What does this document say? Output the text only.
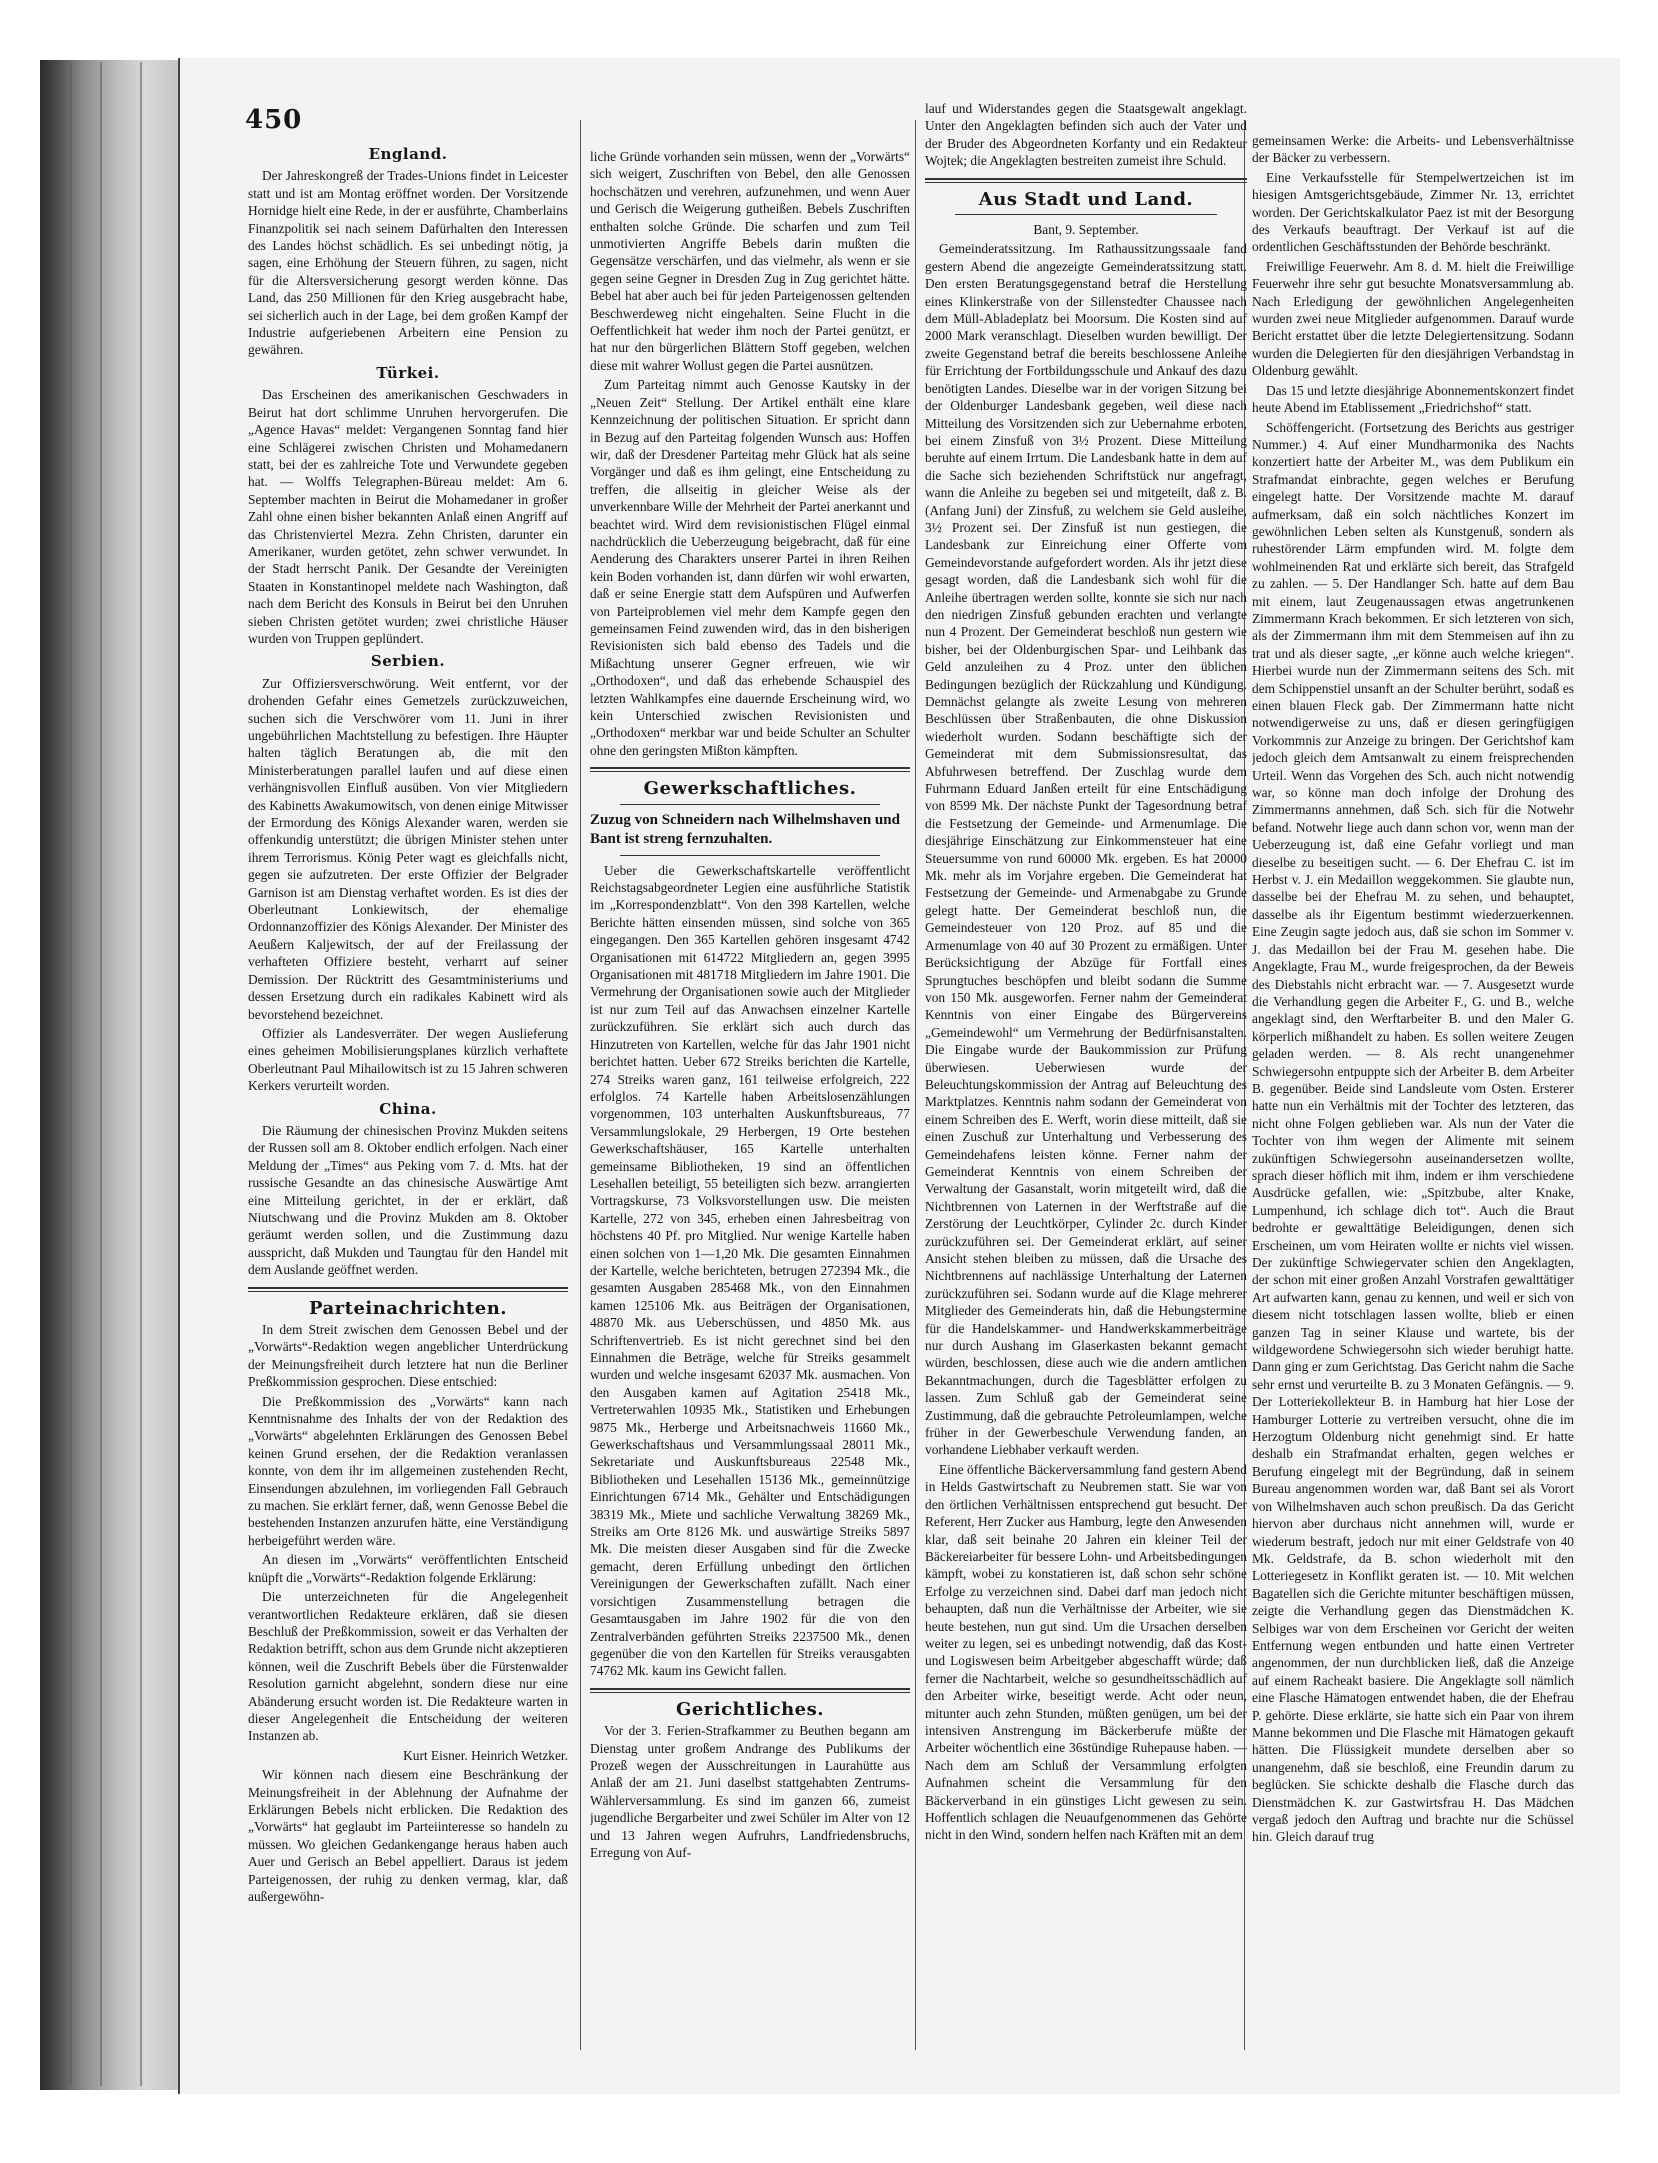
450
England.

Der Jahreskongreß der Trades-Unions findet in Leicester statt und ist am Montag eröffnet worden. Der Vorsitzende Hornidge hielt eine Rede, in der er ausführte, Chamberlains Finanzpolitik sei nach seinem Dafürhalten den Interessen des Landes höchst schädlich. Es sei unbedingt nötig, ja sagen, eine Erhöhung der Steuern führen, zu sagen, nicht für die Altersversicherung gesorgt werden könne. Das Land, das 250 Millionen für den Krieg ausgebracht habe, sei sicherlich auch in der Lage, bei dem großen Kampf der Industrie aufgeriebenen Arbeitern eine Pension zu gewähren.

Türkei.

Das Erscheinen des amerikanischen Geschwaders in Beirut hat dort schlimme Unruhen hervorgerufen. Die „Agence Havas“ meldet: Vergangenen Sonntag fand hier eine Schlägerei zwischen Christen und Mohamedanern statt, bei der es zahlreiche Tote und Verwundete gegeben hat. — Wolffs Telegraphen-Büreau meldet: Am 6. September machten in Beirut die Mohamedaner in großer Zahl ohne einen bisher bekannten Anlaß einen Angriff auf das Christenviertel Mezra. Zehn Christen, darunter ein Amerikaner, wurden getötet, zehn schwer verwundet. In der Stadt herrscht Panik. Der Gesandte der Vereinigten Staaten in Konstantinopel meldete nach Washington, daß nach dem Bericht des Konsuls in Beirut bei den Unruhen sieben Christen getötet wurden; zwei christliche Häuser wurden von Truppen geplündert.

Serbien.

Zur Offiziersverschwörung. Weit entfernt, vor der drohenden Gefahr eines Gemetzels zurückzuweichen, suchen sich die Verschwörer vom 11. Juni in ihrer ungebührlichen Machtstellung zu befestigen. Ihre Häupter halten täglich Beratungen ab, die mit den Ministerberatungen parallel laufen und auf diese einen verhängnisvollen Einfluß ausüben. Von vier Mitgliedern des Kabinetts Awakumowitsch, von denen einige Mitwisser der Ermordung des Königs Alexander waren, werden sie offenkundig unterstützt; die übrigen Minister stehen unter ihrem Terrorismus. König Peter wagt es gleichfalls nicht, gegen sie aufzutreten. Der erste Offizier der Belgrader Garnison ist am Dienstag verhaftet worden. Es ist dies der Oberleutnant Lonkiewitsch, der ehemalige Ordonnanzoffizier des Königs Alexander. Der Minister des Aeußern Kaljewitsch, der auf der Freilassung der verhafteten Offiziere besteht, verharrt auf seiner Demission. Der Rücktritt des Gesamtministeriums und dessen Ersetzung durch ein radikales Kabinett wird als bevorstehend bezeichnet.

Offizier als Landesverräter. Der wegen Auslieferung eines geheimen Mobilisierungsplanes kürzlich verhaftete Oberleutnant Paul Mihailowitsch ist zu 15 Jahren schweren Kerkers verurteilt worden.

China.

Die Räumung der chinesischen Provinz Mukden seitens der Russen soll am 8. Oktober endlich erfolgen. Nach einer Meldung der „Times“ aus Peking vom 7. d. Mts. hat der russische Gesandte an das chinesische Auswärtige Amt eine Mitteilung gerichtet, in der er erklärt, daß Niutschwang und die Provinz Mukden am 8. Oktober geräumt werden sollen, und die Zustimmung dazu ausspricht, daß Mukden und Taungtau für den Handel mit dem Auslande geöffnet werden.

Parteinachrichten.

In dem Streit zwischen dem Genossen Bebel und der „Vorwärts“-Redaktion wegen angeblicher Unterdrückung der Meinungsfreiheit durch letztere hat nun die Berliner Preßkommission gesprochen. Diese entschied:

Die Preßkommission des „Vorwärts“ kann nach Kenntnisnahme des Inhalts der von der Redaktion des „Vorwärts“ abgelehnten Erklärungen des Genossen Bebel keinen Grund ersehen, der die Redaktion veranlassen konnte, von dem ihr im allgemeinen zustehenden Recht, Einsendungen abzulehnen, im vorliegenden Fall Gebrauch zu machen. Sie erklärt ferner, daß, wenn Genosse Bebel die bestehenden Instanzen anzurufen hätte, eine Verständigung herbeigeführt werden wäre.

An diesen im „Vorwärts“ veröffentlichten Entscheid knüpft die „Vorwärts“-Redaktion folgende Erklärung:

Die unterzeichneten für die Angelegenheit verantwortlichen Redakteure erklären, daß sie diesen Beschluß der Preßkommission, soweit er das Verhalten der Redaktion betrifft, schon aus dem Grunde nicht akzeptieren können, weil die Zuschrift Bebels über die Fürstenwalder Resolution garnicht abgelehnt, sondern diese nur eine Abänderung ersucht worden ist. Die Redakteure warten in dieser Angelegenheit die Entscheidung der weiteren Instanzen ab.

Kurt Eisner. Heinrich Wetzker.

Wir können nach diesem eine Beschränkung der Meinungsfreiheit in der Ablehnung der Aufnahme der Erklärungen Bebels nicht erblicken. Die Redaktion des „Vorwärts“ hat geglaubt im Parteiinteresse so handeln zu müssen. Wo gleichen Gedankengange heraus haben auch Auer und Gerisch an Bebel appelliert. Daraus ist jedem Parteigenossen, der ruhig zu denken vermag, klar, daß außergewöhn-

liche Gründe vorhanden sein müssen, wenn der „Vorwärts“ sich weigert, Zuschriften von Bebel, den alle Genossen hochschätzen und verehren, aufzunehmen, und wenn Auer und Gerisch die Weigerung gutheißen. Bebels Zuschriften enthalten solche Gründe. Die scharfen und zum Teil unmotivierten Angriffe Bebels darin mußten die Gegensätze verschärfen, und das vielmehr, als wenn er sie gegen seine Gegner in Dresden Zug in Zug gerichtet hätte. Bebel hat aber auch bei für jeden Parteigenossen geltenden Beschwerdeweg nicht eingehalten. Seine Flucht in die Oeffentlichkeit hat weder ihm noch der Partei genützt, er hat nur den bürgerlichen Blättern Stoff gegeben, welchen diese mit wahrer Wollust gegen die Partei ausnützen.

Zum Parteitag nimmt auch Genosse Kautsky in der „Neuen Zeit“ Stellung. Der Artikel enthält eine klare Kennzeichnung der politischen Situation. Er spricht dann in Bezug auf den Parteitag folgenden Wunsch aus: Hoffen wir, daß der Dresdener Parteitag mehr Glück hat als seine Vorgänger und daß es ihm gelingt, eine Entscheidung zu treffen, die allseitig in gleicher Weise als der unverkennbare Wille der Mehrheit der Partei anerkannt und beachtet wird. Wird dem revisionistischen Flügel einmal nachdrücklich die Ueberzeugung beigebracht, daß für eine Aenderung des Charakters unserer Partei in ihren Reihen kein Boden vorhanden ist, dann dürfen wir wohl erwarten, daß er seine Energie statt dem Aufspüren und Aufwerfen von Parteiproblemen viel mehr dem Kampfe gegen den gemeinsamen Feind zuwenden wird, das in den bisherigen Revisionisten sich bald ebenso des Tadels und die Mißachtung unserer Gegner erfreuen, wie wir „Orthodoxen“, und daß das erhebende Schauspiel des letzten Wahlkampfes eine dauernde Erscheinung wird, wo kein Unterschied zwischen Revisionisten und „Orthodoxen“ merkbar war und beide Schulter an Schulter ohne den geringsten Mißton kämpften.

Gewerkschaftliches.
Zuzug von Schneidern nach Wilhelmshaven und Bant ist streng fernzuhalten.

Ueber die Gewerkschaftskartelle veröffentlicht Reichstagsabgeordneter Legien eine ausführliche Statistik im „Korrespondenzblatt“. Von den 398 Kartellen, welche Berichte hätten einsenden müssen, sind solche von 365 eingegangen. Den 365 Kartellen gehören insgesamt 4742 Organisationen mit 614722 Mitgliedern an, gegen 3995 Organisationen mit 481718 Mitgliedern im Jahre 1901. Die Vermehrung der Organisationen sowie auch der Mitglieder ist nur zum Teil auf das Anwachsen einzelner Kartelle zurückzuführen. Sie erklärt sich auch durch das Hinzutreten von Kartellen, welche für das Jahr 1901 nicht berichtet hatten. Ueber 672 Streiks berichten die Kartelle, 274 Streiks waren ganz, 161 teilweise erfolgreich, 222 erfolglos. 74 Kartelle haben Arbeitslosenzählungen vorgenommen, 103 unterhalten Auskunftsbureaus, 77 Versammlungslokale, 29 Herbergen, 19 Orte bestehen Gewerkschaftshäuser, 165 Kartelle unterhalten gemeinsame Bibliotheken, 19 sind an öffentlichen Lesehallen beteiligt, 55 beteiligten sich bezw. arrangierten Vortragskurse, 73 Volksvorstellungen usw. Die meisten Kartelle, 272 von 345, erheben einen Jahresbeitrag von höchstens 40 Pf. pro Mitglied. Nur wenige Kartelle haben einen solchen von 1—1,20 Mk. Die gesamten Einnahmen der Kartelle, welche berichteten, betrugen 272394 Mk., die gesamten Ausgaben 285468 Mk., von den Einnahmen kamen 125106 Mk. aus Beiträgen der Organisationen, 48870 Mk. aus Ueberschüssen, und 4850 Mk. aus Schriftenvertrieb. Es ist nicht gerechnet sind bei den Einnahmen die Beträge, welche für Streiks gesammelt wurden und welche insgesamt 62037 Mk. ausmachen. Von den Ausgaben kamen auf Agitation 25418 Mk., Vertreterwahlen 10935 Mk., Statistiken und Erhebungen 9875 Mk., Herberge und Arbeitsnachweis 11660 Mk., Gewerkschaftshaus und Versammlungssaal 28011 Mk., Sekretariate und Auskunftsbureaus 22548 Mk., Bibliotheken und Lesehallen 15136 Mk., gemeinnützige Einrichtungen 6714 Mk., Gehälter und Entschädigungen 38319 Mk., Miete und sachliche Verwaltung 38269 Mk., Streiks am Orte 8126 Mk. und auswärtige Streiks 5897 Mk. Die meisten dieser Ausgaben sind für die Zwecke gemacht, deren Erfüllung unbedingt den örtlichen Vereinigungen der Gewerkschaften zufällt. Nach einer vorsichtigen Zusammenstellung betragen die Gesamtausgaben im Jahre 1902 für die von den Zentralverbänden geführten Streiks 2237500 Mk., denen gegenüber die von den Kartellen für Streiks verausgabten 74762 Mk. kaum ins Gewicht fallen.

Gerichtliches.

Vor der 3. Ferien-Strafkammer zu Beuthen begann am Dienstag unter großem Andrange des Publikums der Prozeß wegen der Ausschreitungen in Laurahütte aus Anlaß der am 21. Juni daselbst stattgehabten Zentrums-Wählerversammlung. Es sind im ganzen 66, zumeist jugendliche Bergarbeiter und zwei Schüler im Alter von 12 und 13 Jahren wegen Aufruhrs, Landfriedensbruchs, Erregung von Auf-

lauf und Widerstandes gegen die Staatsgewalt angeklagt. Unter den Angeklagten befinden sich auch der Vater und der Bruder des Abgeordneten Korfanty und ein Redakteur Wojtek; die Angeklagten bestreiten zumeist ihre Schuld.

Aus Stadt und Land.

Bant, 9. September.

Gemeinderatssitzung. Im Rathaussitzungssaale fand gestern Abend die angezeigte Gemeinderatssitzung statt. Den ersten Beratungsgegenstand betraf die Herstellung eines Klinkerstraße von der Sillenstedter Chaussee nach dem Müll-Abladeplatz bei Moorsum. Die Kosten sind auf 2000 Mark veranschlagt. Dieselben wurden bewilligt. Der zweite Gegenstand betraf die bereits beschlossene Anleihe für Errichtung der Fortbildungsschule und Ankauf des dazu benötigten Landes. Dieselbe war in der vorigen Sitzung bei der Oldenburger Landesbank gegeben, weil diese nach Mitteilung des Vorsitzenden sich zur Uebernahme erboten, bei einem Zinsfuß von 3½ Prozent. Diese Mitteilung beruhte auf einem Irrtum. Die Landesbank hatte in dem auf die Sache sich beziehenden Schriftstück nur angefragt, wann die Anleihe zu begeben sei und mitgeteilt, daß z. B. (Anfang Juni) der Zinsfuß, zu welchem sie Geld ausleihe, 3½ Prozent sei. Der Zinsfuß ist nun gestiegen, die Landesbank zur Einreichung einer Offerte vom Gemeindevorstande aufgefordert worden. Als ihr jetzt diese gesagt worden, daß die Landesbank sich wohl für die Anleihe übertragen werden sollte, konnte sie sich nur nach den niedrigen Zinsfuß gebunden erachten und verlangte nun 4 Prozent. Der Gemeinderat beschloß nun gestern wie bisher, bei der Oldenburgischen Spar- und Leihbank das Geld anzuleihen zu 4 Proz. unter den üblichen Bedingungen bezüglich der Rückzahlung und Kündigung. Demnächst gelangte als zweite Lesung von mehreren Beschlüssen über Straßenbauten, die ohne Diskussion wiederholt wurden. Sodann beschäftigte sich der Gemeinderat mit dem Submissionsresultat, das Abfuhrwesen betreffend. Der Zuschlag wurde dem Fuhrmann Eduard Janßen erteilt für eine Entschädigung von 8599 Mk. Der nächste Punkt der Tagesordnung betraf die Festsetzung der Gemeinde- und Armenumlage. Die diesjährige Einschätzung zur Einkommensteuer hat eine Steuersumme von rund 60000 Mk. ergeben. Es hat 20000 Mk. mehr als im Vorjahre ergeben. Die Gemeinderat hat Festsetzung der Gemeinde- und Armenabgabe zu Grunde gelegt hatte. Der Gemeinderat beschloß nun, die Gemeindesteuer von 120 Proz. auf 85 und die Armenumlage von 40 auf 30 Prozent zu ermäßigen. Unter Berücksichtigung der Abzüge für Fortfall eines Sprungtuches beschöpfen und bleibt sodann die Summe von 150 Mk. ausgeworfen. Ferner nahm der Gemeinderat Kenntnis von einer Eingabe des Bürgervereins „Gemeindewohl“ um Vermehrung der Bedürfnisanstalten. Die Eingabe wurde der Baukommission zur Prüfung überwiesen. Ueberwiesen wurde der Beleuchtungskommission der Antrag auf Beleuchtung des Marktplatzes. Kenntnis nahm sodann der Gemeinderat von einem Schreiben des E. Werft, worin diese mitteilt, daß sie einen Zuschuß zur Unterhaltung und Verbesserung des Gemeindehafens leisten könne. Ferner nahm der Gemeinderat Kenntnis von einem Schreiben der Verwaltung der Gasanstalt, worin mitgeteilt wird, daß die Nichtbrennen von Laternen in der Werftstraße auf die Zerstörung der Leuchtkörper, Cylinder 2c. durch Kinder zurückzuführen sei. Der Gemeinderat erklärt, auf seiner Ansicht stehen bleiben zu müssen, daß die Ursache des Nichtbrennens auf nachlässige Unterhaltung der Laternen zurückzuführen sei. Sodann wurde auf die Klage mehrerer Mitglieder des Gemeinderats hin, daß die Hebungstermine für die Handelskammer- und Handwerkskammerbeiträge nur durch Aushang im Glaserkasten bekannt gemacht würden, beschlossen, diese auch wie die andern amtlichen Bekanntmachungen, durch die Tagesblätter erfolgen zu lassen. Zum Schluß gab der Gemeinderat seine Zustimmung, daß die gebrauchte Petroleumlampen, welche früher in der Gewerbeschule Verwendung fanden, an vorhandene Liebhaber verkauft werden.

Eine öffentliche Bäckerversammlung fand gestern Abend in Helds Gastwirtschaft zu Neubremen statt. Sie war von den örtlichen Verhältnissen entsprechend gut besucht. Der Referent, Herr Zucker aus Hamburg, legte den Anwesenden klar, daß seit beinahe 20 Jahren ein kleiner Teil der Bäckereiarbeiter für bessere Lohn- und Arbeitsbedingungen kämpft, wobei zu konstatieren ist, daß schon sehr schöne Erfolge zu verzeichnen sind. Dabei darf man jedoch nicht behaupten, daß nun die Verhältnisse der Arbeiter, wie sie heute bestehen, nun gut sind. Um die Ursachen derselben weiter zu legen, sei es unbedingt notwendig, daß das Kost- und Logiswesen beim Arbeitgeber abgeschafft würde; daß ferner die Nachtarbeit, welche so gesundheitsschädlich auf den Arbeiter wirke, beseitigt werde. Acht oder neun, mitunter auch zehn Stunden, müßten genügen, um bei der intensiven Anstrengung im Bäckerberufe müßte der Arbeiter wöchentlich eine 36stündige Ruhepause haben. — Nach dem am Schluß der Versammlung erfolgten Aufnahmen scheint die Versammlung für den Bäckerverband in ein günstiges Licht gewesen zu sein. Hoffentlich schlagen die Neuaufgenommenen das Gehörte nicht in den Wind, sondern helfen nach Kräften mit an dem

gemeinsamen Werke: die Arbeits- und Lebensverhältnisse der Bäcker zu verbessern.

Eine Verkaufsstelle für Stempelwertzeichen ist im hiesigen Amtsgerichtsgebäude, Zimmer Nr. 13, errichtet worden. Der Gerichtskalkulator Paez ist mit der Besorgung des Verkaufs beauftragt. Der Verkauf ist auf die ordentlichen Geschäftsstunden der Behörde beschränkt.

Freiwillige Feuerwehr. Am 8. d. M. hielt die Freiwillige Feuerwehr ihre sehr gut besuchte Monatsversammlung ab. Nach Erledigung der gewöhnlichen Angelegenheiten wurden zwei neue Mitglieder aufgenommen. Darauf wurde Bericht erstattet über die letzte Delegiertensitzung. Sodann wurden die Delegierten für den diesjährigen Verbandstag in Oldenburg gewählt.

Das 15 und letzte diesjährige Abonnementskonzert findet heute Abend im Etablissement „Friedrichshof“ statt.

Schöffengericht. (Fortsetzung des Berichts aus gestriger Nummer.) 4. Auf einer Mundharmonika des Nachts konzertiert hatte der Arbeiter M., was dem Publikum ein Strafmandat einbrachte, gegen welches er Berufung eingelegt hatte. Der Vorsitzende machte M. darauf aufmerksam, daß ein solch nächtliches Konzert im gewöhnlichen Leben selten als Kunstgenuß, sondern als ruhestörender Lärm empfunden wird. M. folgte dem wohlmeinenden Rat und erklärte sich bereit, das Strafgeld zu zahlen. — 5. Der Handlanger Sch. hatte auf dem Bau mit einem, laut Zeugenaussagen etwas angetrunkenen Zimmermann Krach bekommen. Er sich letzteren von sich, als der Zimmermann ihm mit dem Stemmeisen auf ihn zu trat und als dieser sagte, „er könne auch welche kriegen“. Hierbei wurde nun der Zimmermann seitens des Sch. mit dem Schippenstiel unsanft an der Schulter berührt, sodaß es einen blauen Fleck gab. Der Zimmermann hatte nicht notwendigerweise zu uns, daß er diesen geringfügigen Vorkommnis zur Anzeige zu bringen. Der Gerichtshof kam jedoch gleich dem Amtsanwalt zu einem freisprechenden Urteil. Wenn das Vorgehen des Sch. auch nicht notwendig war, so könne man doch infolge der Drohung des Zimmermanns annehmen, daß Sch. sich für die Notwehr befand. Notwehr liege auch dann schon vor, wenn man der Ueberzeugung ist, daß eine Gefahr vorliegt und man dieselbe zu beseitigen sucht. — 6. Der Ehefrau C. ist im Herbst v. J. ein Medaillon weggekommen. Sie glaubte nun, dasselbe bei der Ehefrau M. zu sehen, und behauptet, dasselbe als ihr Eigentum bestimmt wiederzuerkennen. Eine Zeugin sagte jedoch aus, daß sie schon im Sommer v. J. das Medaillon bei der Frau M. gesehen habe. Die Angeklagte, Frau M., wurde freigesprochen, da der Beweis des Diebstahls nicht erbracht war. — 7. Ausgesetzt wurde die Verhandlung gegen die Arbeiter F., G. und B., welche angeklagt sind, den Werftarbeiter B. und den Maler G. körperlich mißhandelt zu haben. Es sollen weitere Zeugen geladen werden. — 8. Als recht unangenehmer Schwiegersohn entpuppte sich der Arbeiter B. dem Arbeiter B. gegenüber. Beide sind Landsleute vom Osten. Ersterer hatte nun ein Verhältnis mit der Tochter des letzteren, das nicht ohne Folgen geblieben war. Als nun der Vater die Tochter von ihm wegen der Alimente mit seinem zukünftigen Schwiegersohn auseinandersetzen wollte, sprach dieser höflich mit ihm, indem er ihm verschiedene Ausdrücke gefallen, wie: „Spitzbube, alter Knake, Lumpenhund, ich schlage dich tot“. Auch die Braut bedrohte er gewalttätige Beleidigungen, denen sich Erscheinen, um vom Heiraten wollte er nichts viel wissen. Der zukünftige Schwiegervater schien den Angeklagten, der schon mit einer großen Anzahl Vorstrafen gewalttätiger Art aufwarten kann, genau zu kennen, und weil er sich von diesem nicht totschlagen lassen wollte, blieb er einen ganzen Tag in seiner Klause und wartete, bis der wildgewordene Schwiegersohn sich wieder beruhigt hatte. Dann ging er zum Gerichtstag. Das Gericht nahm die Sache sehr ernst und verurteilte B. zu 3 Monaten Gefängnis. — 9. Der Lotteriekollekteur B. in Hamburg hat hier Lose der Hamburger Lotterie zu vertreiben versucht, ohne die im Herzogtum Oldenburg nicht genehmigt sind. Er hatte deshalb ein Strafmandat erhalten, gegen welches er Berufung eingelegt mit der Begründung, daß in seinem Bureau angenommen worden war, daß Bant sei als Vorort von Wilhelmshaven auch schon preußisch. Da das Gericht hiervon aber durchaus nicht annehmen will, wurde er wiederum bestraft, jedoch nur mit einer Geldstrafe von 40 Mk. Geldstrafe, da B. schon wiederholt mit den Lotteriegesetz in Konflikt geraten ist. — 10. Mit welchen Bagatellen sich die Gerichte mitunter beschäftigen müssen, zeigte die Verhandlung gegen das Dienstmädchen K. Selbiges war von dem Erscheinen vor Gericht der weiten Entfernung wegen entbunden und hatte einen Vertreter angenommen, der nun durchblicken ließ, daß die Anzeige auf einem Racheakt basiere. Die Angeklagte soll nämlich eine Flasche Hämatogen entwendet haben, die der Ehefrau P. gehörte. Diese erklärte, sie hatte sich ein Paar von ihrem Manne bekommen und Die Flasche mit Hämatogen gekauft hätten. Die Flüssigkeit mundete derselben aber so unangenehm, daß sie beschloß, eine Freundin darum zu beglücken. Sie schickte deshalb die Flasche durch das Dienstmädchen K. zur Gastwirtsfrau H. Das Mädchen vergaß jedoch den Auftrag und brachte nur die Schüssel hin. Gleich darauf trug
